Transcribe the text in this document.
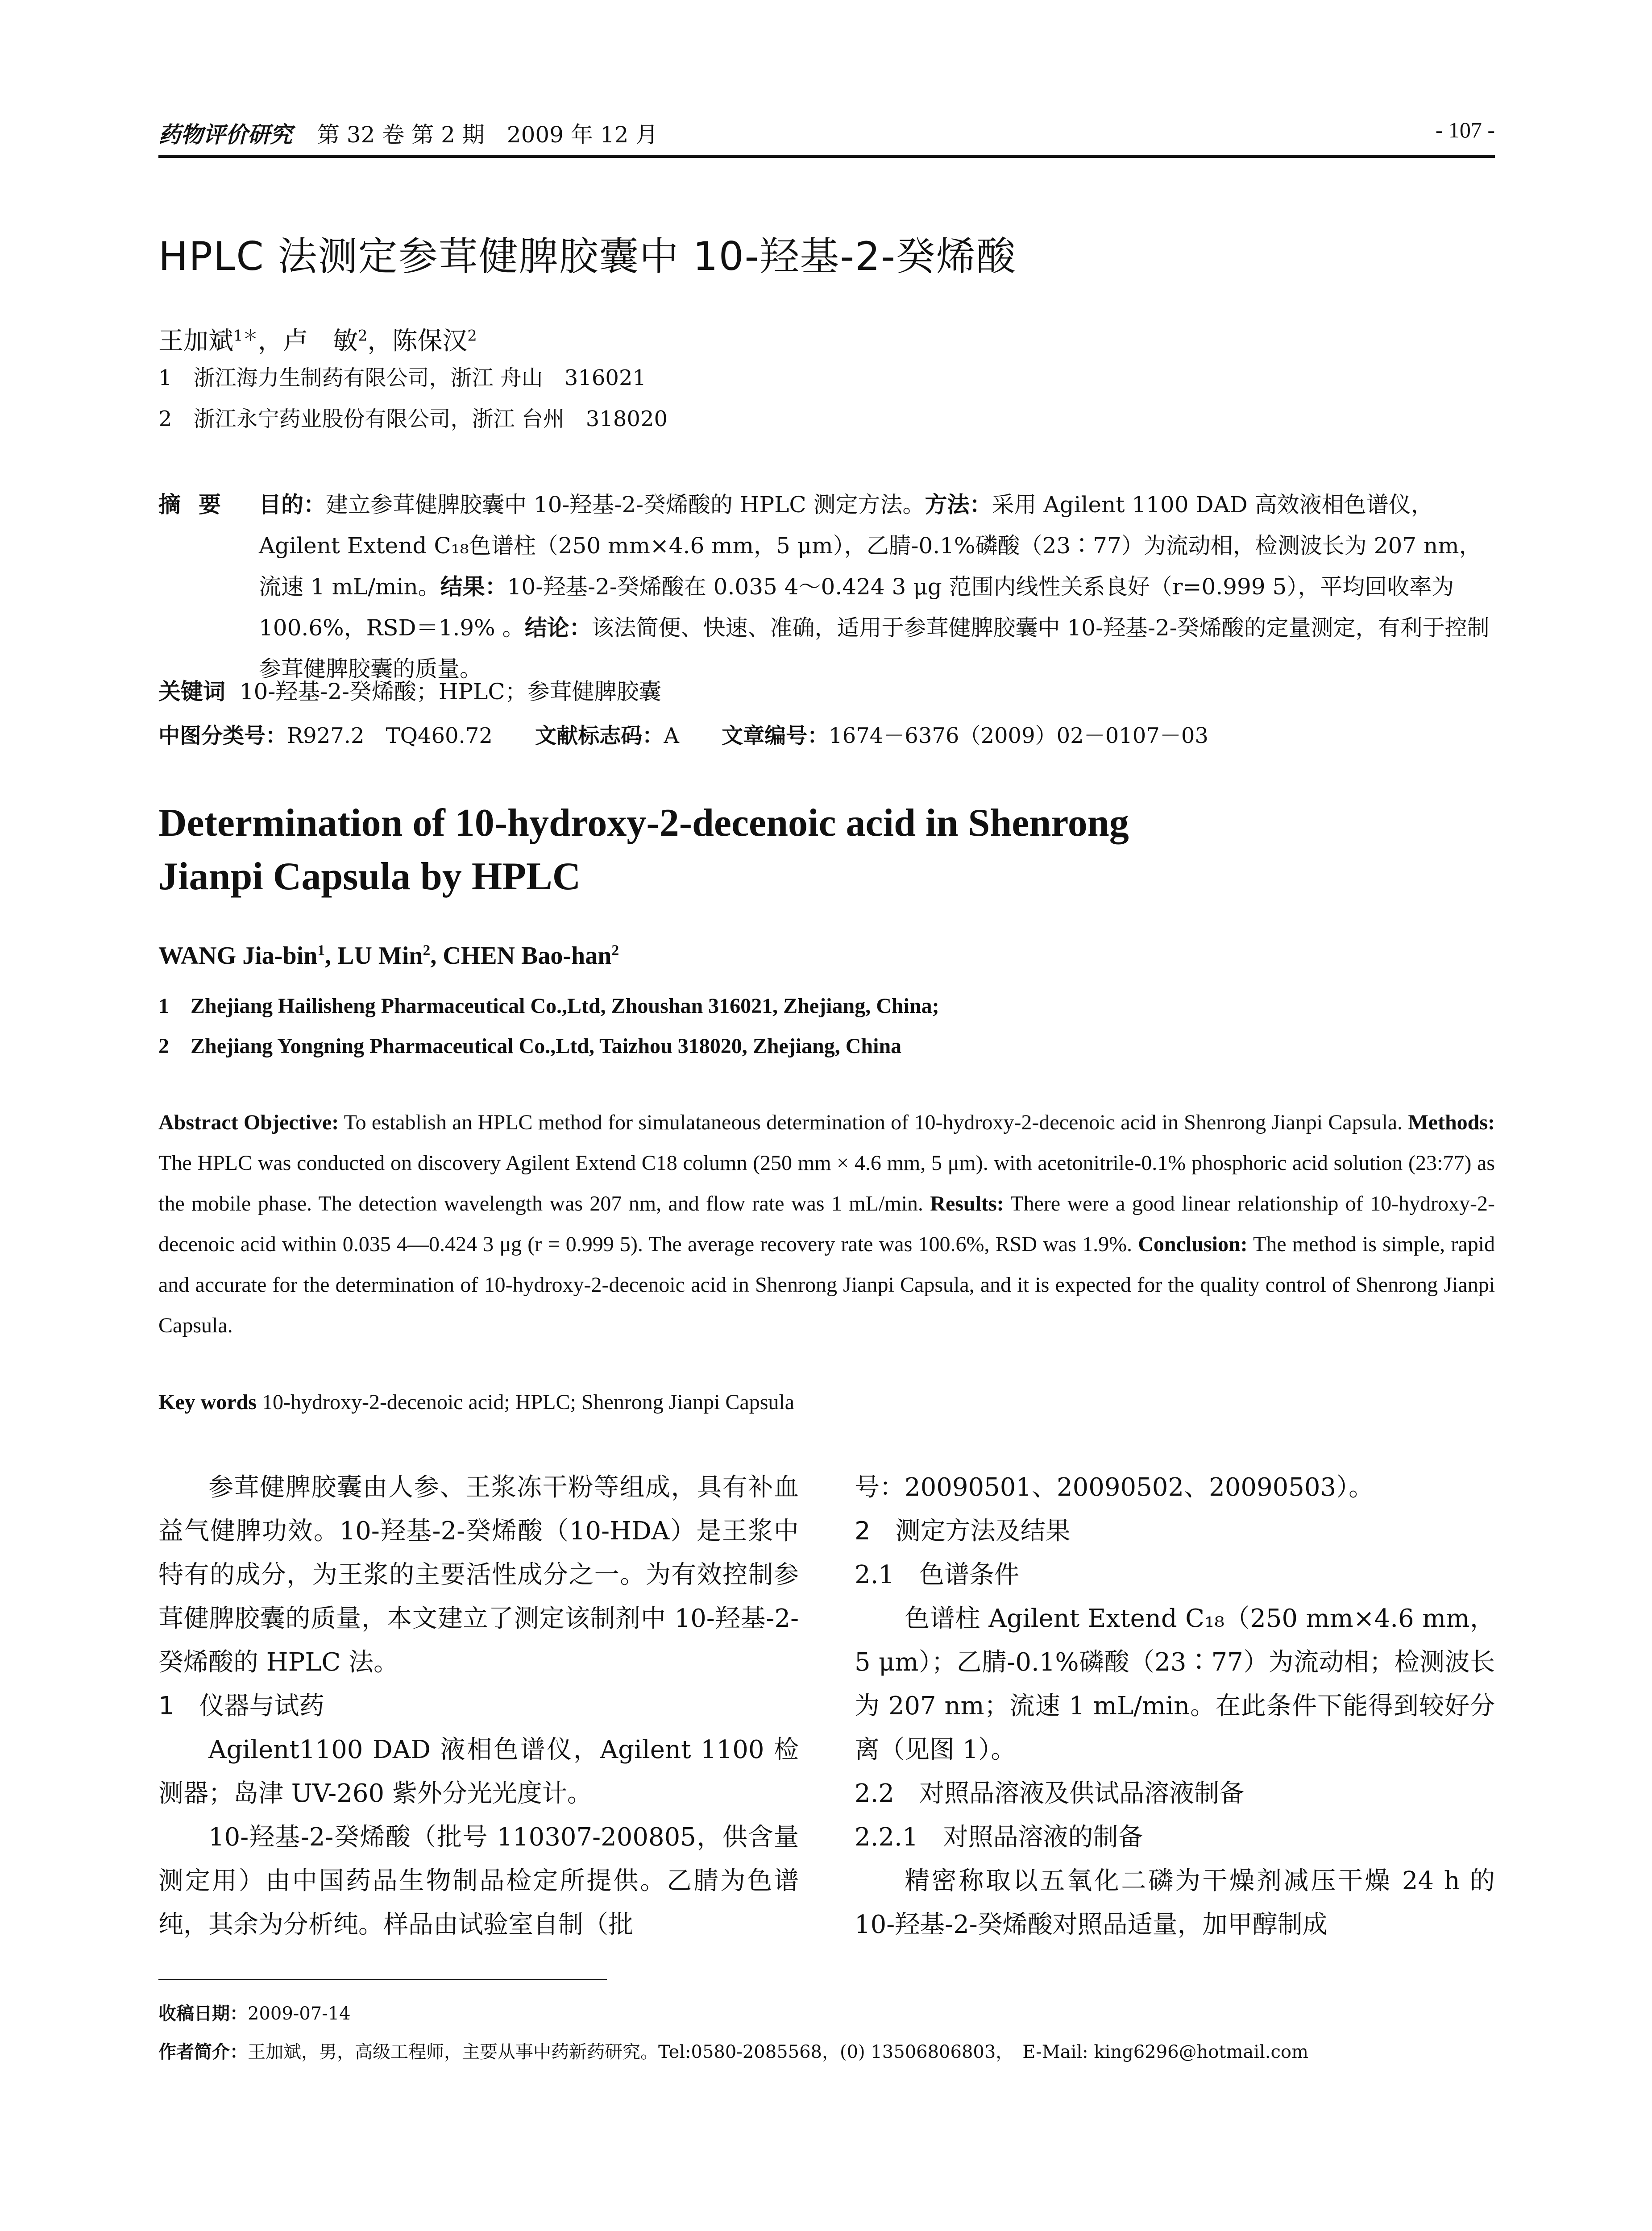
药物评价研究 第 32 卷 第 2 期　2009 年 12 月	- 107 -
HPLC 法测定参茸健脾胶囊中 10-羟基-2-癸烯酸
王加斌$^{1*}$，卢　敏$^2$，陈保汉$^2$
1　浙江海力生制药有限公司，浙江 舟山　316021
2　浙江永宁药业股份有限公司，浙江 台州　318020
摘要 目的：建立参茸健脾胶囊中 10-羟基-2-癸烯酸的 HPLC 测定方法。方法：采用 Agilent 1100 DAD 高效液相色谱仪，Agilent Extend C₁₈色谱柱（250 mm×4.6 mm，5 μm），乙腈-0.1%磷酸（23∶77）为流动相，检测波长为 207 nm，流速 1 mL/min。结果：10-羟基-2-癸烯酸在 0.035 4～0.424 3 μg 范围内线性关系良好（r=0.999 5），平均回收率为 100.6%，RSD＝1.9% 。结论：该法简便、快速、准确，适用于参茸健脾胶囊中 10-羟基-2-癸烯酸的定量测定，有利于控制参茸健脾胶囊的质量。
关键词 10-羟基-2-癸烯酸；HPLC；参茸健脾胶囊
中图分类号：R927.2　TQ460.72 文献标志码：A 文章编号：1674－6376（2009）02－0107－03
Determination of 10-hydroxy-2-decenoic acid in Shenrong
Jianpi Capsula by HPLC
WANG Jia-bin$^1$, LU Min$^2$, CHEN Bao-han$^2$
1　Zhejiang Hailisheng Pharmaceutical Co.,Ltd, Zhoushan 316021, Zhejiang, China;
2　Zhejiang Yongning Pharmaceutical Co.,Ltd, Taizhou 318020, Zhejiang, China
Abstract Objective: To establish an HPLC method for simulataneous determination of 10-hydroxy-2-decenoic acid in Shenrong Jianpi Capsula. Methods: The HPLC was conducted on discovery Agilent Extend C18 column (250 mm × 4.6 mm, 5 μm). with acetonitrile-0.1% phosphoric acid solution (23:77) as the mobile phase. The detection wavelength was 207 nm, and flow rate was 1 mL/min. Results: There were a good linear relationship of 10-hydroxy-2-decenoic acid within 0.035 4—0.424 3 μg (r = 0.999 5). The average recovery rate was 100.6%, RSD was 1.9%. Conclusion: The method is simple, rapid and accurate for the determination of 10-hydroxy-2-decenoic acid in Shenrong Jianpi Capsula, and it is expected for the quality control of Shenrong Jianpi Capsula.
Key words 10-hydroxy-2-decenoic acid; HPLC; Shenrong Jianpi Capsula

参茸健脾胶囊由人参、王浆冻干粉等组成，具有补血益气健脾功效。10-羟基-2-癸烯酸（10-HDA）是王浆中特有的成分，为王浆的主要活性成分之一。为有效控制参茸健脾胶囊的质量，本文建立了测定该制剂中 10-羟基-2-癸烯酸的 HPLC 法。

1　仪器与试药

Agilent1100 DAD 液相色谱仪，Agilent 1100 检测器；岛津 UV-260 紫外分光光度计。

10-羟基-2-癸烯酸（批号 110307-200805，供含量测定用）由中国药品生物制品检定所提供。乙腈为色谱纯，其余为分析纯。样品由试验室自制（批

号：20090501、20090502、20090503）。

2　测定方法及结果

2.1　色谱条件

色谱柱 Agilent Extend C₁₈（250 mm×4.6 mm，5 μm）；乙腈-0.1%磷酸（23∶77）为流动相；检测波长为 207 nm；流速 1 mL/min。在此条件下能得到较好分离（见图 1）。

2.2　对照品溶液及供试品溶液制备

2.2.1　对照品溶液的制备

精密称取以五氧化二磷为干燥剂减压干燥 24 h 的 10-羟基-2-癸烯酸对照品适量，加甲醇制成

收稿日期：2009-07-14
作者简介：王加斌，男，高级工程师，主要从事中药新药研究。Tel:0580-2085568，(0) 13506806803，　E-Mail: king6296@hotmail.com
